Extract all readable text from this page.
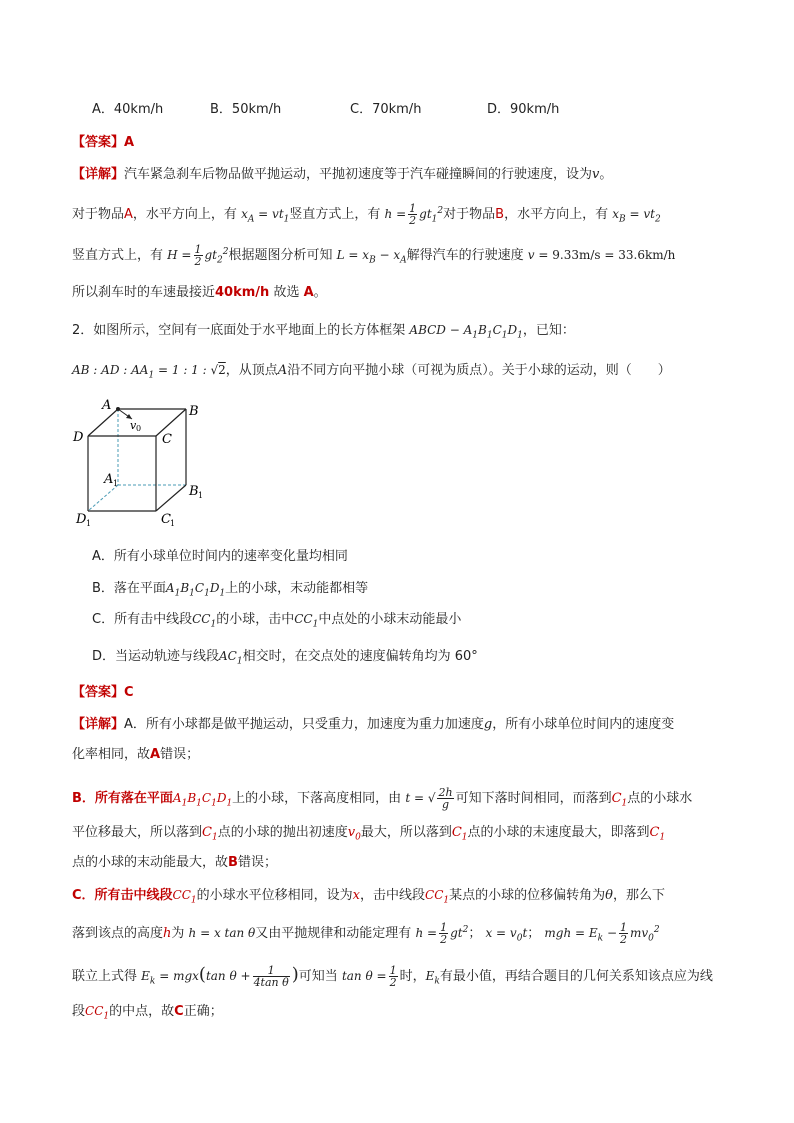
A．40km/h	B．50km/h	C．70km/h	D．90km/h
【答案】A
【详解】汽车紧急刹车后物品做平抛运动，平抛初速度等于汽车碰撞瞬间的行驶速度，设为v。
对于物品A，水平方向上，有 $x_A = vt_1$竖直方式上，有 $h = \frac{1}{2} gt_1^2$对于物品B，水平方向上，有 $x_B = vt_2$
竖直方式上，有 $H = \frac{1}{2} gt_2^2$根据题图分析可知 $L = x_B - x_A$解得汽车的行驶速度 v = 9.33m/s = 33.6km/h
所以刹车时的车速最接近40km/h 故选 A。
2．如图所示，空间有一底面处于水平地面上的长方体框架 ABCD − $A_1B_1C_1D_1$，已知：
AB : AD : $AA_1 = 1$ : 1 : √2，从顶点A沿不同方向平抛小球（可视为质点）。关于小球的运动，则（　　）
A	B
C
D
v 0
A 1
B 1
C 1
D 1
A．所有小球单位时间内的速率变化量均相同
B．落在平面$A_1B_1C_1D_1$上的小球，末动能都相等
C．所有击中线段$CC_1$的小球，击中$CC_1$中点处的小球末动能最小
D．当运动轨迹与线段$AC_1$相交时，在交点处的速度偏转角均为 60°
【答案】C
【详解】A．所有小球都是做平抛运动，只受重力，加速度为重力加速度g，所有小球单位时间内的速度变
化率相同，故A错误；
B．所有落在平面$A_1B_1C_1D_1$上的小球，下落高度相同，由 t = √ $\frac{2h}{g}$ 可知下落时间相同，而落到$C_1$点的小球水
平位移最大，所以落到$C_1$点的小球的抛出初速度$v_0$最大，所以落到$C_1$点的小球的末速度最大，即落到$C_1$
点的小球的末动能最大，故B错误；
C．所有击中线段$CC_1$的小球水平位移相同，设为x，击中线段$CC_1$某点的小球的位移偏转角为θ，那么下
落到该点的高度h为 h = x tan θ又由平抛规律和动能定理有 $h = \frac{1}{2} gt^2$； $x = v_0t$； mgh = $E_k - \frac{1}{2} mv_0^2$
联立上式得 $E_k = mgx(\tan$ $\theta + \frac{1}{\text{4tan θ}}$ )可知当 $\tan \theta = \frac{1}{2}$ 时，$E_k$有最小值，再结合题目的几何关系知该点应为线
段$CC_1$的中点，故C正确；
